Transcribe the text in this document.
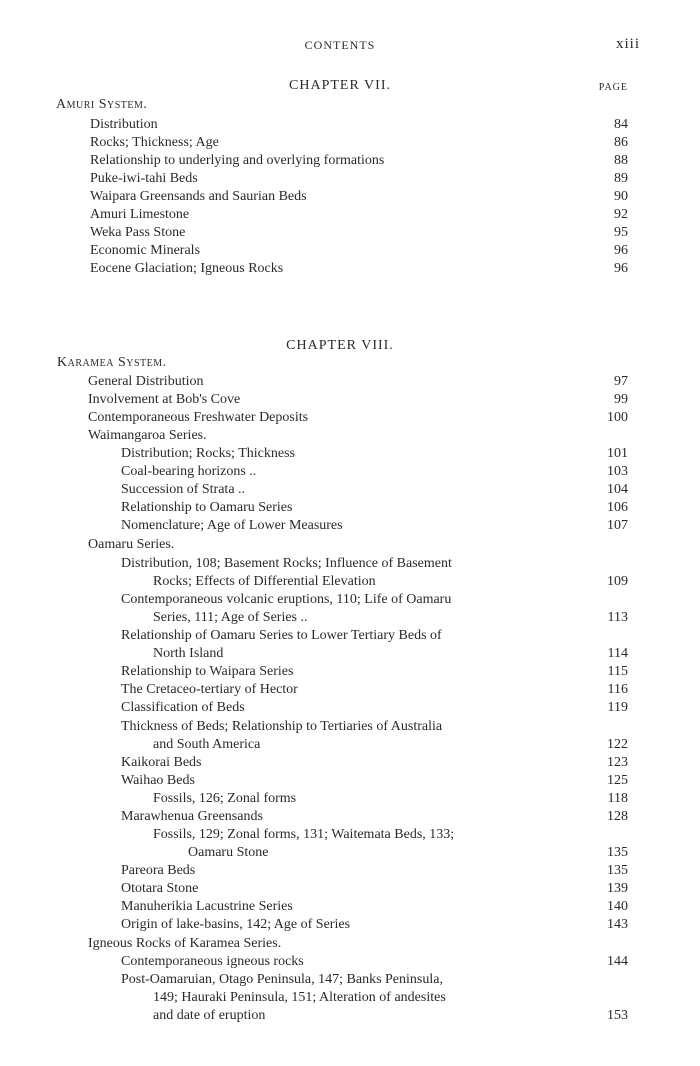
CONTENTS	xiii
CHAPTER VII.	PAGE
Amuri System.
Distribution	84
Rocks; Thickness; Age	86
Relationship to underlying and overlying formations	88
Puke-iwi-tahi Beds	89
Waipara Greensands and Saurian Beds	90
Amuri Limestone	92
Weka Pass Stone	95
Economic Minerals	96
Eocene Glaciation; Igneous Rocks	96
CHAPTER VIII.
Karamea System.
General Distribution	97
Involvement at Bob's Cove	99
Contemporaneous Freshwater Deposits	100
Waimangaroa Series.
Distribution; Rocks; Thickness	101
Coal-bearing horizons ..	103
Succession of Strata ..	104
Relationship to Oamaru Series	106
Nomenclature; Age of Lower Measures	107
Oamaru Series.
Distribution, 108; Basement Rocks; Influence of Basement
Rocks; Effects of Differential Elevation	109
Contemporaneous volcanic eruptions, 110; Life of Oamaru
Series, 111; Age of Series ..	113
Relationship of Oamaru Series to Lower Tertiary Beds of
North Island	114
Relationship to Waipara Series	115
The Cretaceo-tertiary of Hector	116
Classification of Beds	119
Thickness of Beds; Relationship to Tertiaries of Australia
and South America	122
Kaikorai Beds	123
Waihao Beds	125
Fossils, 126; Zonal forms	118
Marawhenua Greensands	128
Fossils, 129; Zonal forms, 131; Waitemata Beds, 133;
Oamaru Stone	135
Pareora Beds	135
Ototara Stone	139
Manuherikia Lacustrine Series	140
Origin of lake-basins, 142; Age of Series	143
Igneous Rocks of Karamea Series.
Contemporaneous igneous rocks	144
Post-Oamaruian, Otago Peninsula, 147; Banks Peninsula,
149; Hauraki Peninsula, 151; Alteration of andesites
and date of eruption	153
